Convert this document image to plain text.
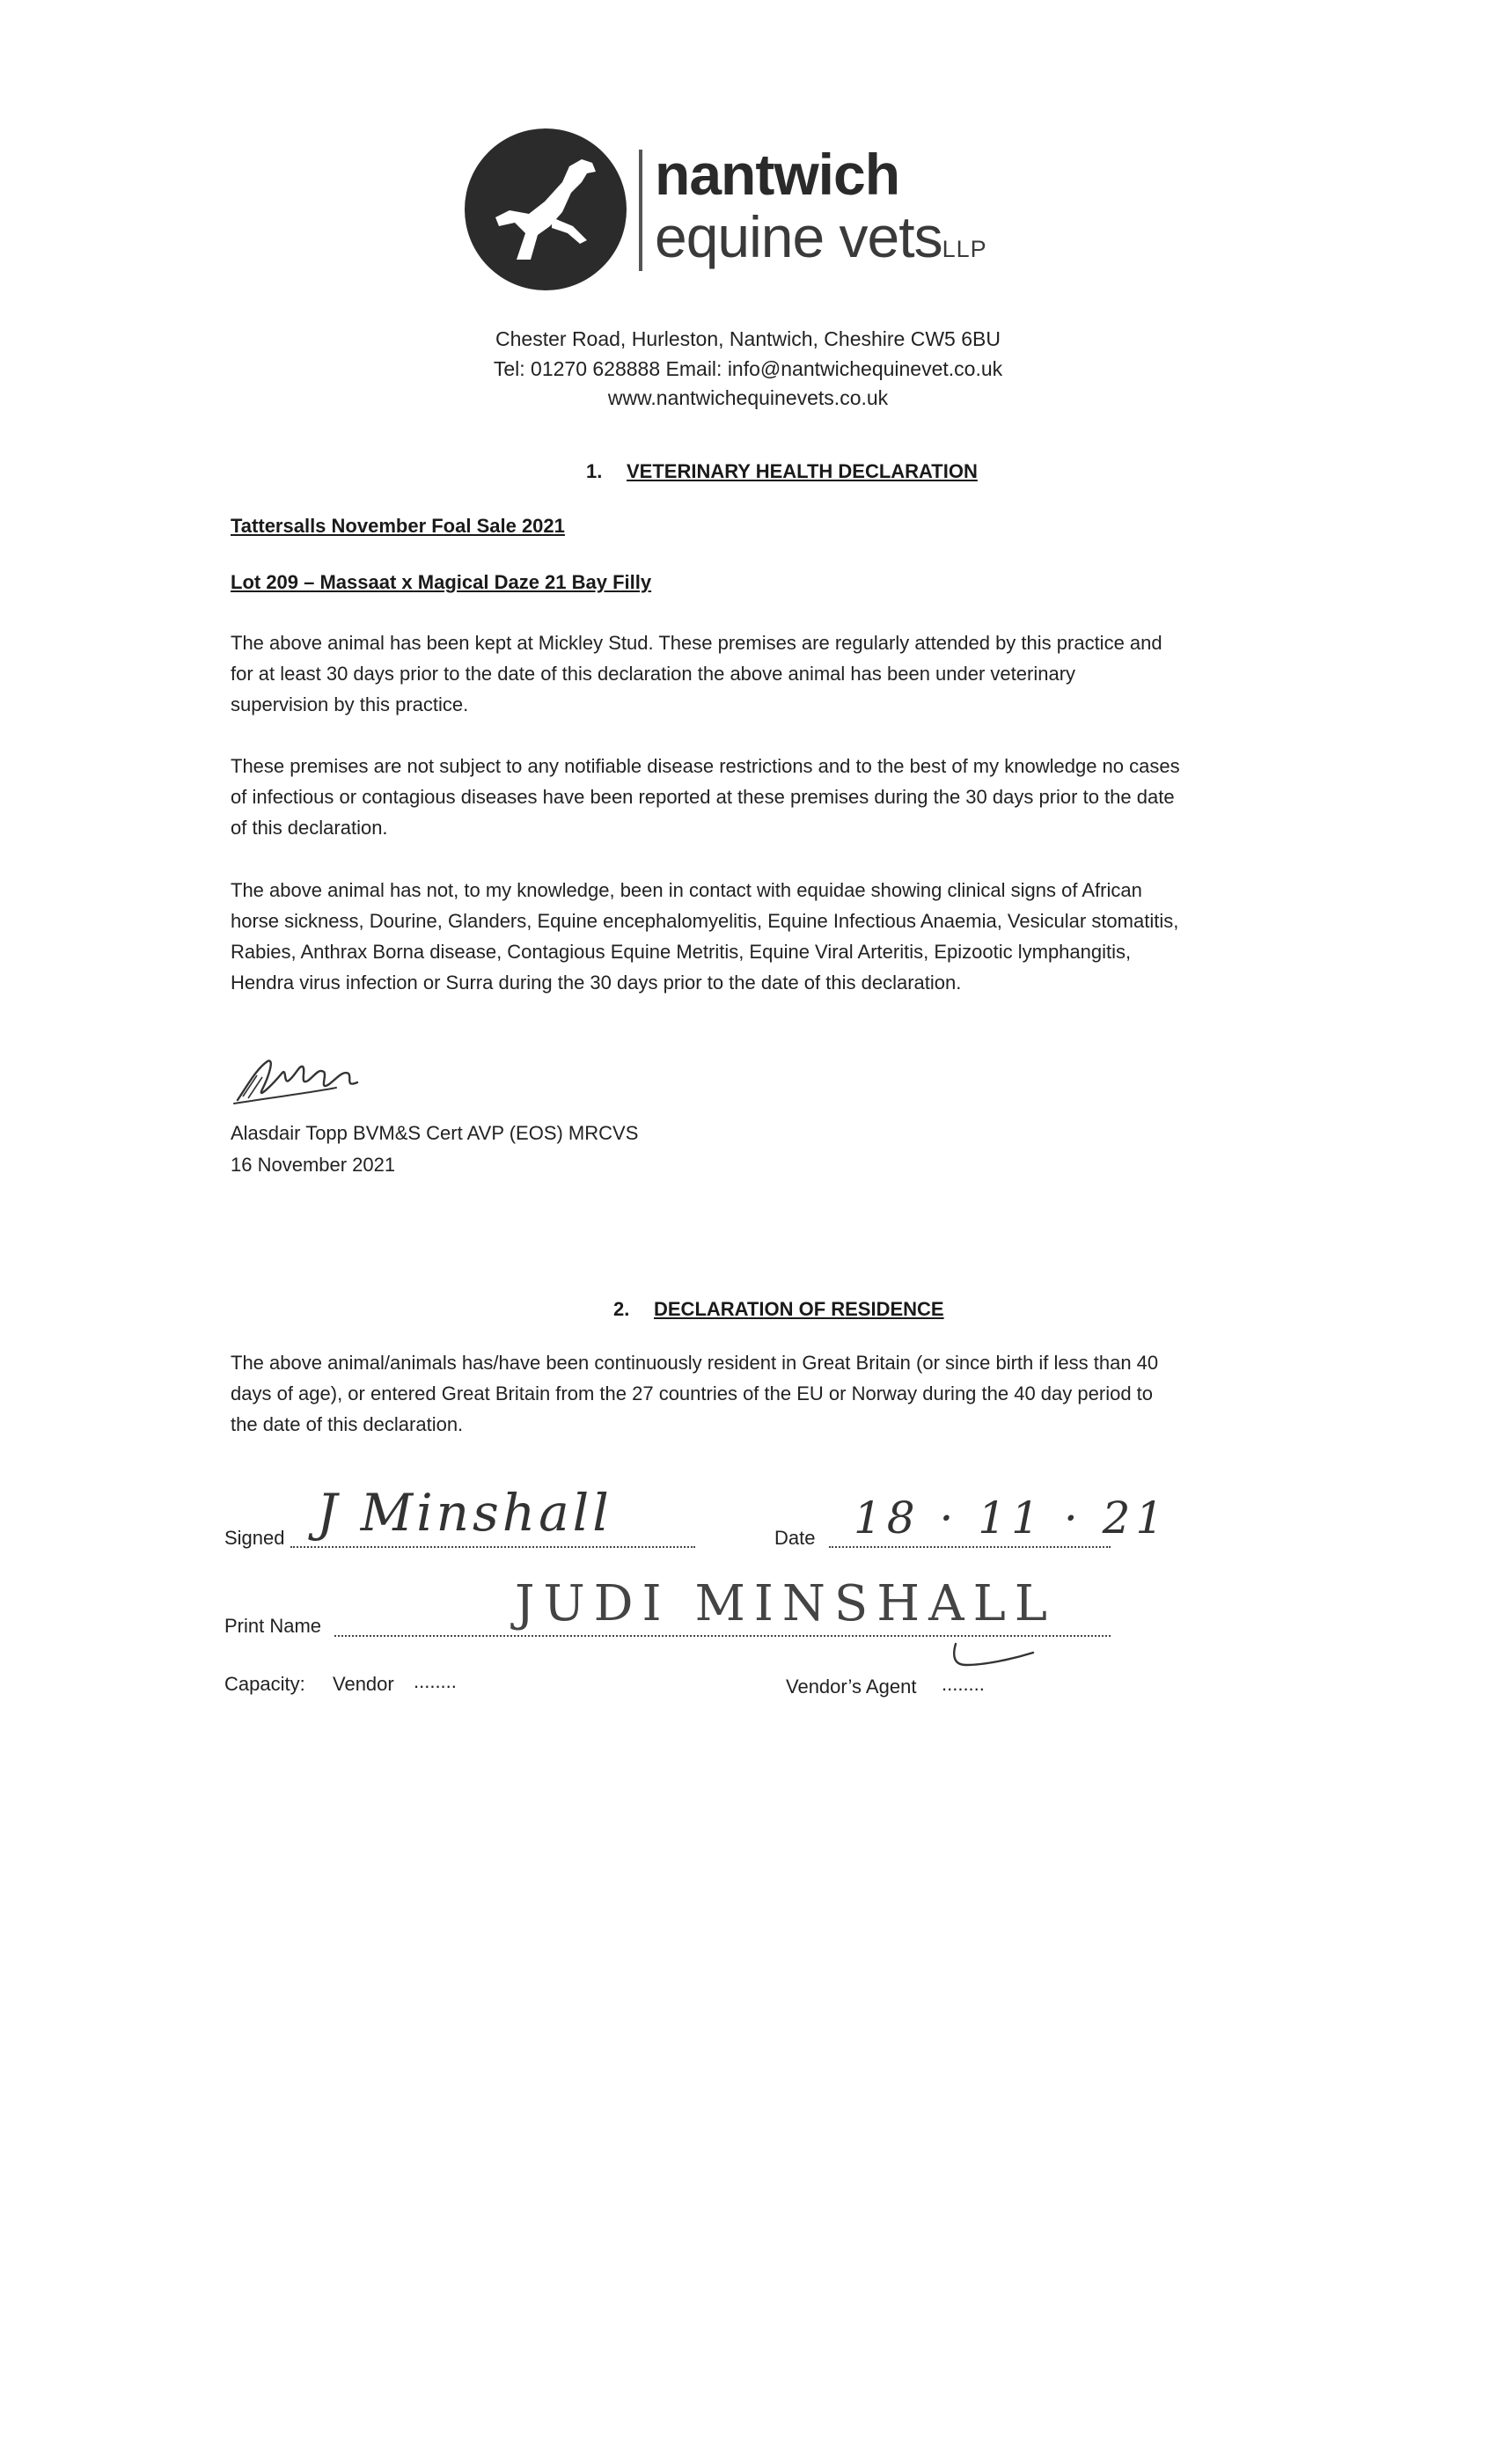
nantwich
equine vetsLLP
Chester Road, Hurleston, Nantwich, Cheshire CW5 6BU
Tel: 01270 628888 Email: info@nantwichequinevet.co.uk
www.nantwichequinevets.co.uk
1. VETERINARY HEALTH DECLARATION
Tattersalls November Foal Sale 2021
Lot 209 – Massaat x Magical Daze 21 Bay Filly
The above animal has been kept at Mickley Stud. These premises are regularly attended by this practice and
for at least 30 days prior to the date of this declaration the above animal has been under veterinary
supervision by this practice.
These premises are not subject to any notifiable disease restrictions and to the best of my knowledge no cases
of infectious or contagious diseases have been reported at these premises during the 30 days prior to the date
of this declaration.
The above animal has not, to my knowledge, been in contact with equidae showing clinical signs of African
horse sickness, Dourine, Glanders, Equine encephalomyelitis, Equine Infectious Anaemia, Vesicular stomatitis,
Rabies, Anthrax Borna disease, Contagious Equine Metritis, Equine Viral Arteritis, Epizootic lymphangitis,
Hendra virus infection or Surra during the 30 days prior to the date of this declaration.
Alasdair Topp BVM&S Cert AVP (EOS) MRCVS
16 November 2021
2. DECLARATION OF RESIDENCE
The above animal/animals has/have been continuously resident in Great Britain (or since birth if less than 40
days of age), or entered Great Britain from the 27 countries of the EU or Norway during the 40 day period to
the date of this declaration.
Signed J Minshall	Date 18 · 11 · 21
Print Name	JUDI MINSHALL
Capacity: Vendor ........	Vendor’s Agent ........
